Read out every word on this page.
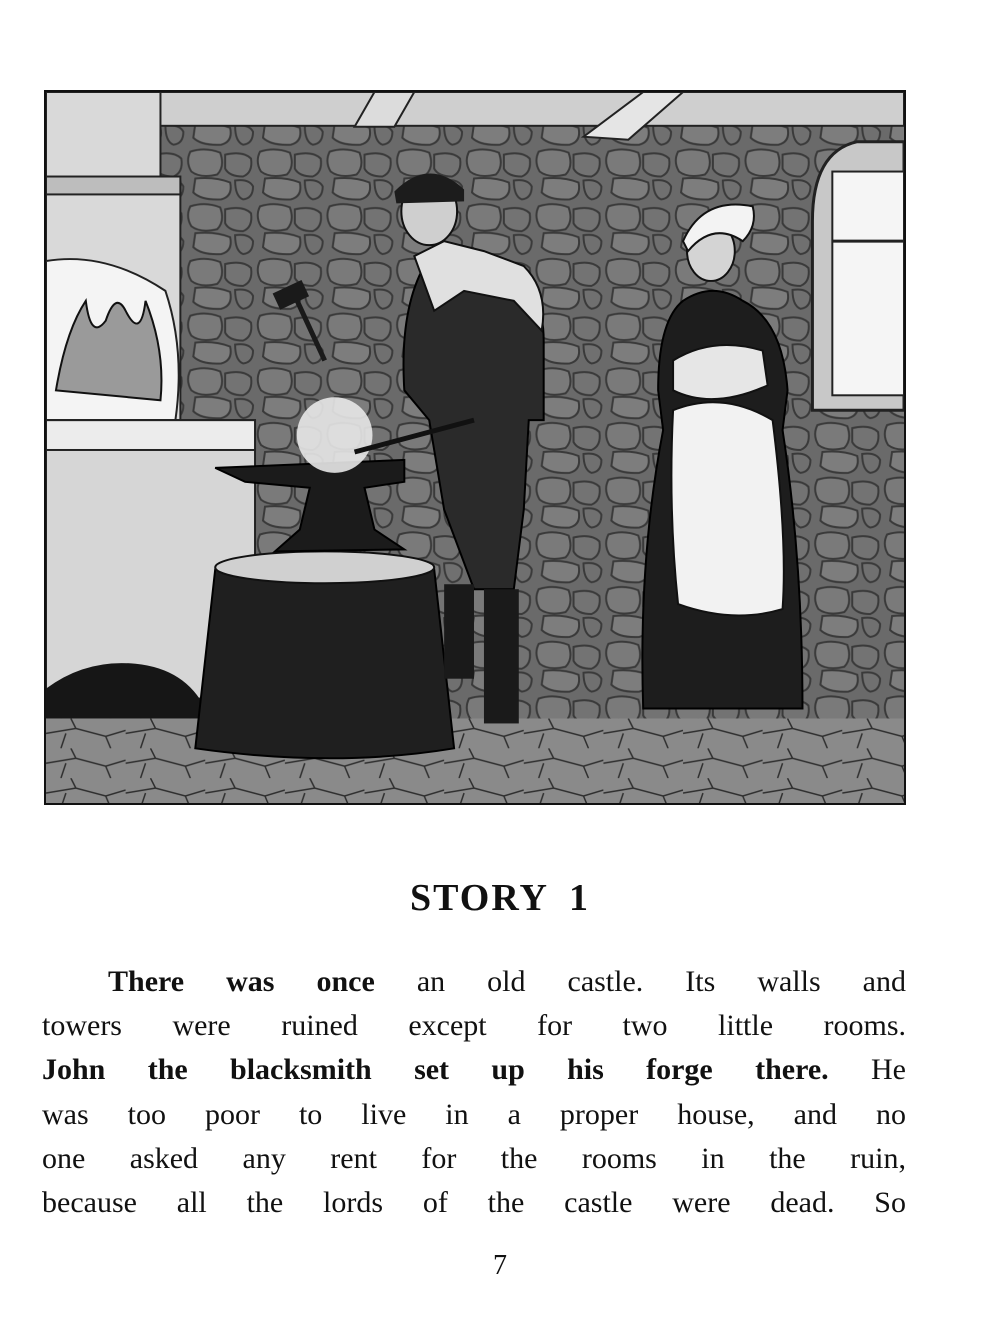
STORY 1

There was once an old castle. Its walls and
towers were ruined except for two little rooms.
John the blacksmith set up his forge there. He
was too poor to live in a proper house, and no
one asked any rent for the rooms in the ruin,
because all the lords of the castle were dead. So

7
